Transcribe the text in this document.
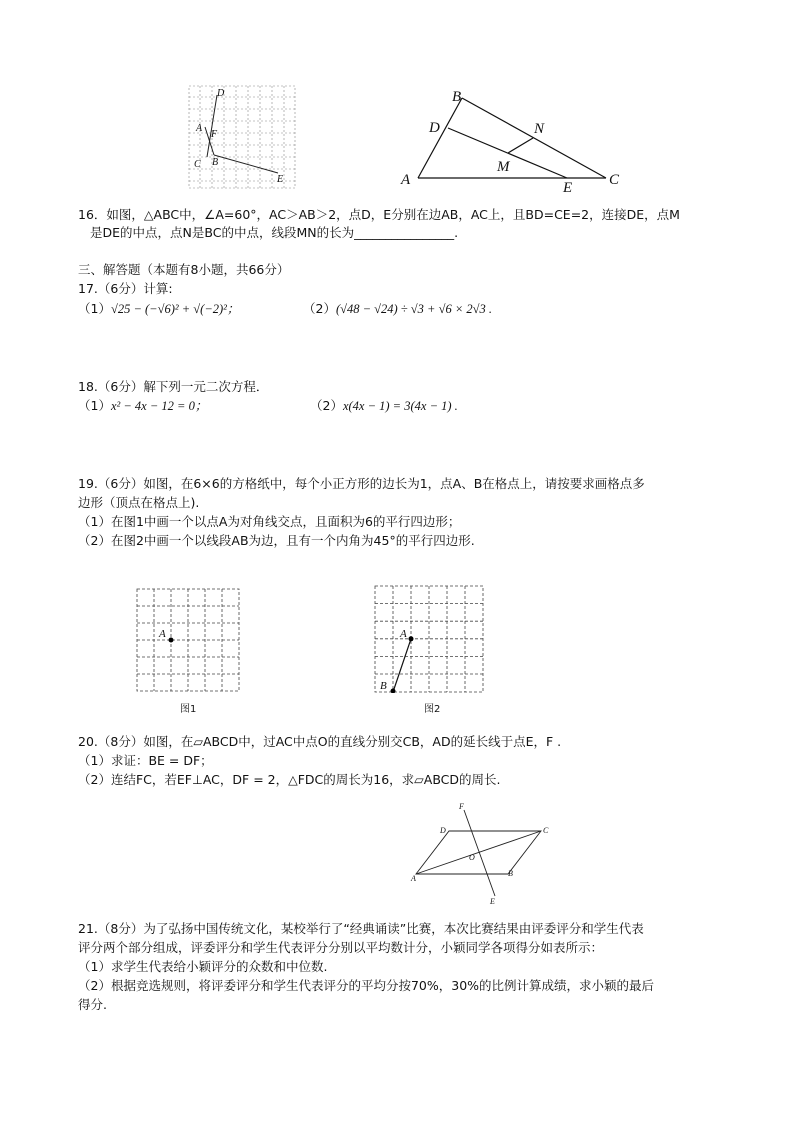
D
A
F
C B
E
B
D	N
M
A	E C
16．如图，△ABC中，∠A=60°，AC＞AB＞2，点D，E分别在边AB，AC上，且BD=CE=2，连接DE，点M
是DE的中点，点N是BC的中点，线段MN的长为________________.
三、解答题（本题有8小题，共66分）
17.（6分）计算:
（1）√25 − (−√6)² + √(−2)²；	（2）(√48 − √24) ÷ √3 + √6 × 2√3 .
18.（6分）解下列一元二次方程．
（1）x² − 4x − 12 = 0；	（2）x(4x − 1) = 3(4x − 1) .
19.（6分）如图，在6×6的方格纸中，每个小正方形的边长为1，点A、B在格点上，请按要求画格点多
边形（顶点在格点上).
（1）在图1中画一个以点A为对角线交点，且面积为6的平行四边形；
（2）在图2中画一个以线段AB为边，且有一个内角为45°的平行四边形.
A
图1
A
B
图2
20.（8分）如图，在▱ABCD中，过AC中点O的直线分别交CB，AD的延长线于点E，F .
（1）求证：BE = DF；
（2）连结FC，若EF⊥AC，DF = 2，△FDC的周长为16，求▱ABCD的周长.
F
D	C
O
A
B
E
21.（8分）为了弘扬中国传统文化，某校举行了“经典诵读”比赛，本次比赛结果由评委评分和学生代表
评分两个部分组成，评委评分和学生代表评分分别以平均数计分，小颖同学各项得分如表所示：
（1）求学生代表给小颖评分的众数和中位数.
（2）根据竞选规则，将评委评分和学生代表评分的平均分按70%，30%的比例计算成绩，求小颖的最后
得分.
